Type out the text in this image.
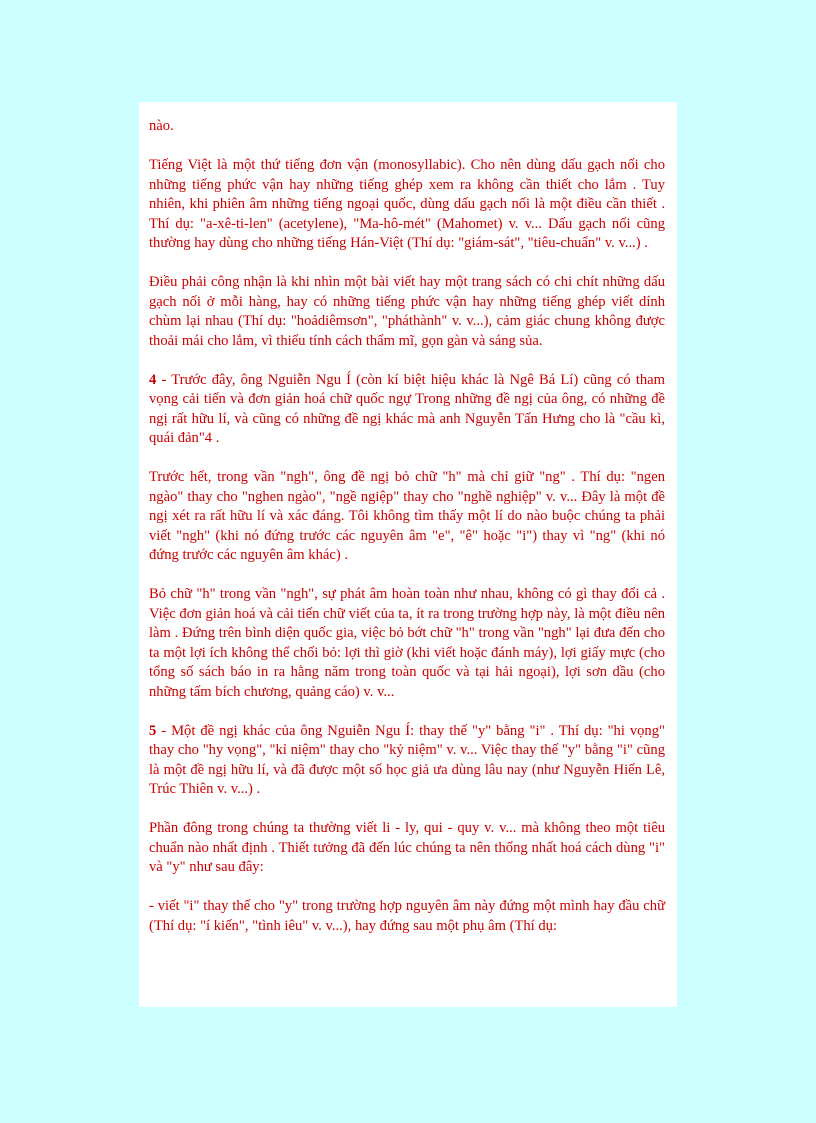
nào.

Tiếng Việt là một thứ tiếng đơn vận (monosyllabic). Cho nên dùng dấu gạch nối cho những tiếng phức vận hay những tiếng ghép xem ra không cần thiết cho lắm . Tuy nhiên, khi phiên âm những tiếng ngoại quốc, dùng dấu gạch nối là một điều cần thiết . Thí dụ: "a-xê-ti-len" (acetylene), "Ma-hô-mét" (Mahomet) v. v... Dấu gạch nối cũng thường hay dùng cho những tiếng Hán-Việt (Thí dụ: "giám-sát", "tiêu-chuẩn" v. v...) .

Điều phải công nhận là khi nhìn một bài viết hay một trang sách có chi chít những dấu gạch nối ở mỗi hàng, hay có những tiếng phức vận hay những tiếng ghép viết dính chùm lại nhau (Thí dụ: "hoảdiêmsơn", "pháthành" v. v...), cảm giác chung không được thoải mái cho lắm, vì thiếu tính cách thẩm mĩ, gọn gàn và sáng sủa.

4 - Trước đây, ông Nguiễn Ngu Í (còn kí biệt hiệu khác là Ngê Bá Lí) cũng có tham vọng cải tiến và đơn giản hoá chữ quốc ngự Trong những đề ngị của ông, có những đề ngị rất hữu lí, và cũng có những đề ngị khác mà anh Nguyễn Tấn Hưng cho là "cầu kì, quái đản"4 .

Trước hết, trong vần "ngh", ông đề ngị bỏ chữ "h" mà chỉ giữ "ng" . Thí dụ: "ngen ngào" thay cho "nghen ngào", "ngề ngiệp" thay cho "nghề nghiệp" v. v... Đây là một đề ngị xét ra rất hữu lí và xác đáng. Tôi không tìm thấy một lí do nào buộc chúng ta phải viết "ngh" (khi nó đứng trước các nguyên âm "e", "ê" hoặc "i") thay vì "ng" (khi nó đứng trước các nguyên âm khác) .

Bỏ chữ "h" trong vần "ngh", sự phát âm hoàn toàn như nhau, không có gì thay đổi cả . Việc đơn giản hoá và cải tiến chữ viết của ta, ít ra trong trường hợp này, là một điều nên làm . Đứng trên bình diện quốc gia, việc bỏ bớt chữ "h" trong vần "ngh" lại đưa đến cho ta một lợi ích không thể chối bỏ: lợi thì giờ (khi viết hoặc đánh máy), lợi giấy mực (cho tổng số sách báo in ra hằng năm trong toàn quốc và tại hải ngoại), lợi sơn dầu (cho những tấm bích chương, quảng cáo) v. v...

5 - Một đề ngị khác của ông Nguiễn Ngu Í: thay thế "y" bằng "i" . Thí dụ: "hi vọng" thay cho "hy vọng", "kỉ niệm" thay cho "kỷ niệm" v. v... Việc thay thế "y" bằng "i" cũng là một đề ngị hữu lí, và đã được một số học giả ưa dùng lâu nay (như Nguyễn Hiến Lê, Trúc Thiên v. v...) .

Phần đông trong chúng ta thường viết li - ly, qui - quy v. v... mà không theo một tiêu chuẩn nào nhất định . Thiết tưởng đã đến lúc chúng ta nên thống nhất hoá cách dùng "i" và "y" như sau đây:

- viết "i" thay thế cho "y" trong trường hợp nguyên âm này đứng một mình hay đầu chữ (Thí dụ: "í kiến", "tình iêu" v. v...), hay đứng sau một phụ âm (Thí dụ:
